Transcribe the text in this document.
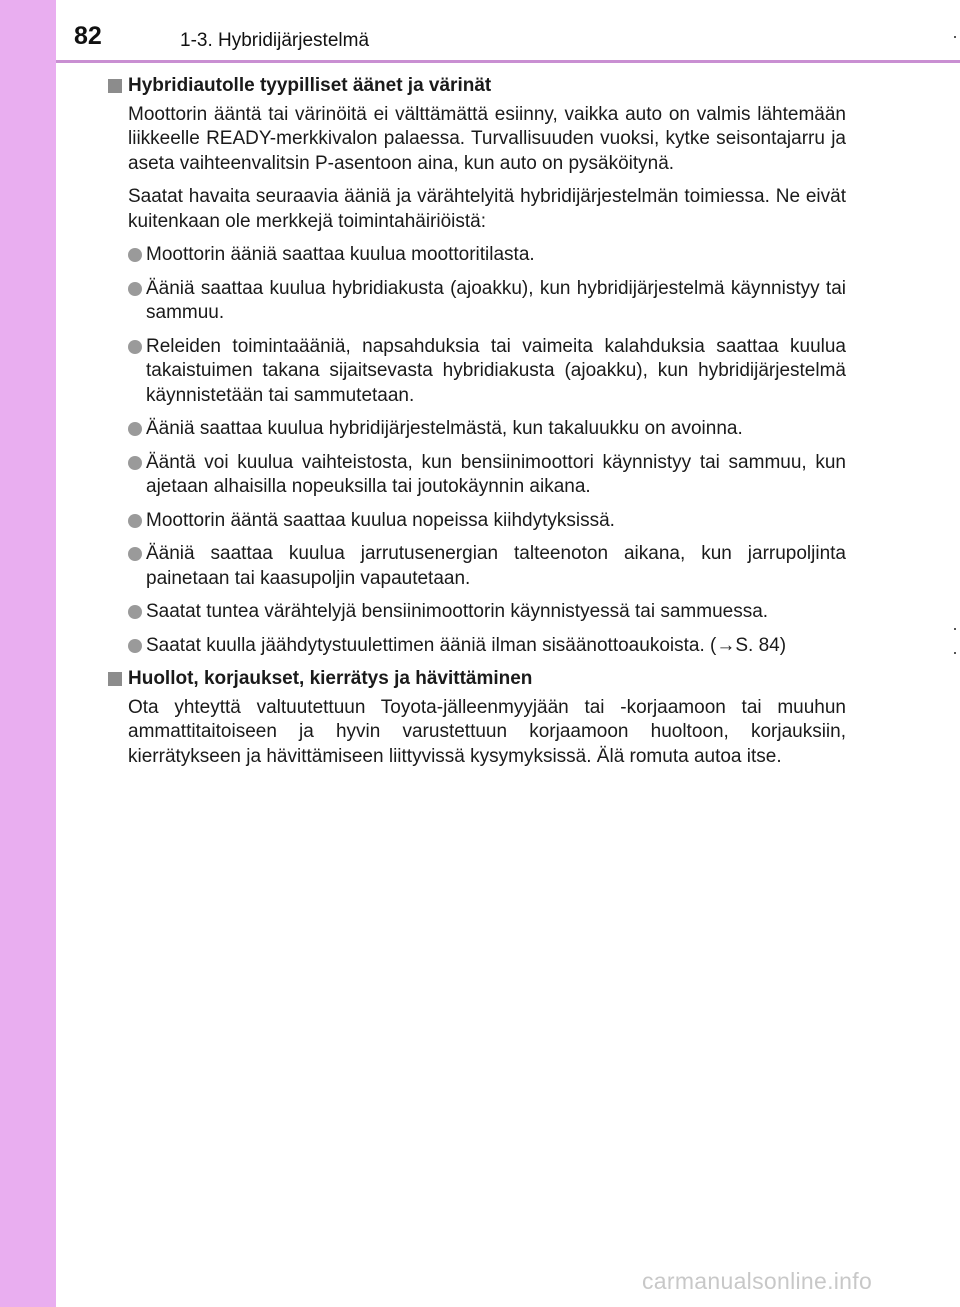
82	1-3. Hybridijärjestelmä
Hybridiautolle tyypilliset äänet ja värinät

Moottorin ääntä tai värinöitä ei välttämättä esiinny, vaikka auto on valmis lähtemään liikkeelle READY-merkkivalon palaessa. Turvallisuuden vuoksi, kytke seisontajarru ja aseta vaihteenvalitsin P-asentoon aina, kun auto on pysäköitynä.

Saatat havaita seuraavia ääniä ja värähtelyitä hybridijärjestelmän toimiessa. Ne eivät kuitenkaan ole merkkejä toimintahäiriöistä:

Moottorin ääniä saattaa kuulua moottoritilasta.
Ääniä saattaa kuulua hybridiakusta (ajoakku), kun hybridijärjestelmä käynnistyy tai sammuu.
Releiden toimintaääniä, napsahduksia tai vaimeita kalahduksia saattaa kuulua takaistuimen takana sijaitsevasta hybridiakusta (ajoakku), kun hybridijärjestelmä käynnistetään tai sammutetaan.
Ääniä saattaa kuulua hybridijärjestelmästä, kun takaluukku on avoinna.
Ääntä voi kuulua vaihteistosta, kun bensiinimoottori käynnistyy tai sammuu, kun ajetaan alhaisilla nopeuksilla tai joutokäynnin aikana.
Moottorin ääntä saattaa kuulua nopeissa kiihdytyksissä.
Ääniä saattaa kuulua jarrutusenergian talteenoton aikana, kun jarrupoljinta painetaan tai kaasupoljin vapautetaan.
Saatat tuntea värähtelyjä bensiinimoottorin käynnistyessä tai sammuessa.
Saatat kuulla jäähdytystuulettimen ääniä ilman sisäänottoaukoista. (→S. 84)
Huollot, korjaukset, kierrätys ja hävittäminen

Ota yhteyttä valtuutettuun Toyota-jälleenmyyjään tai -korjaamoon tai muuhun ammattitaitoiseen ja hyvin varustettuun korjaamoon huoltoon, korjauksiin, kierrätykseen ja hävittämiseen liittyvissä kysymyksissä. Älä romuta autoa itse.

carmanualsonline.info
